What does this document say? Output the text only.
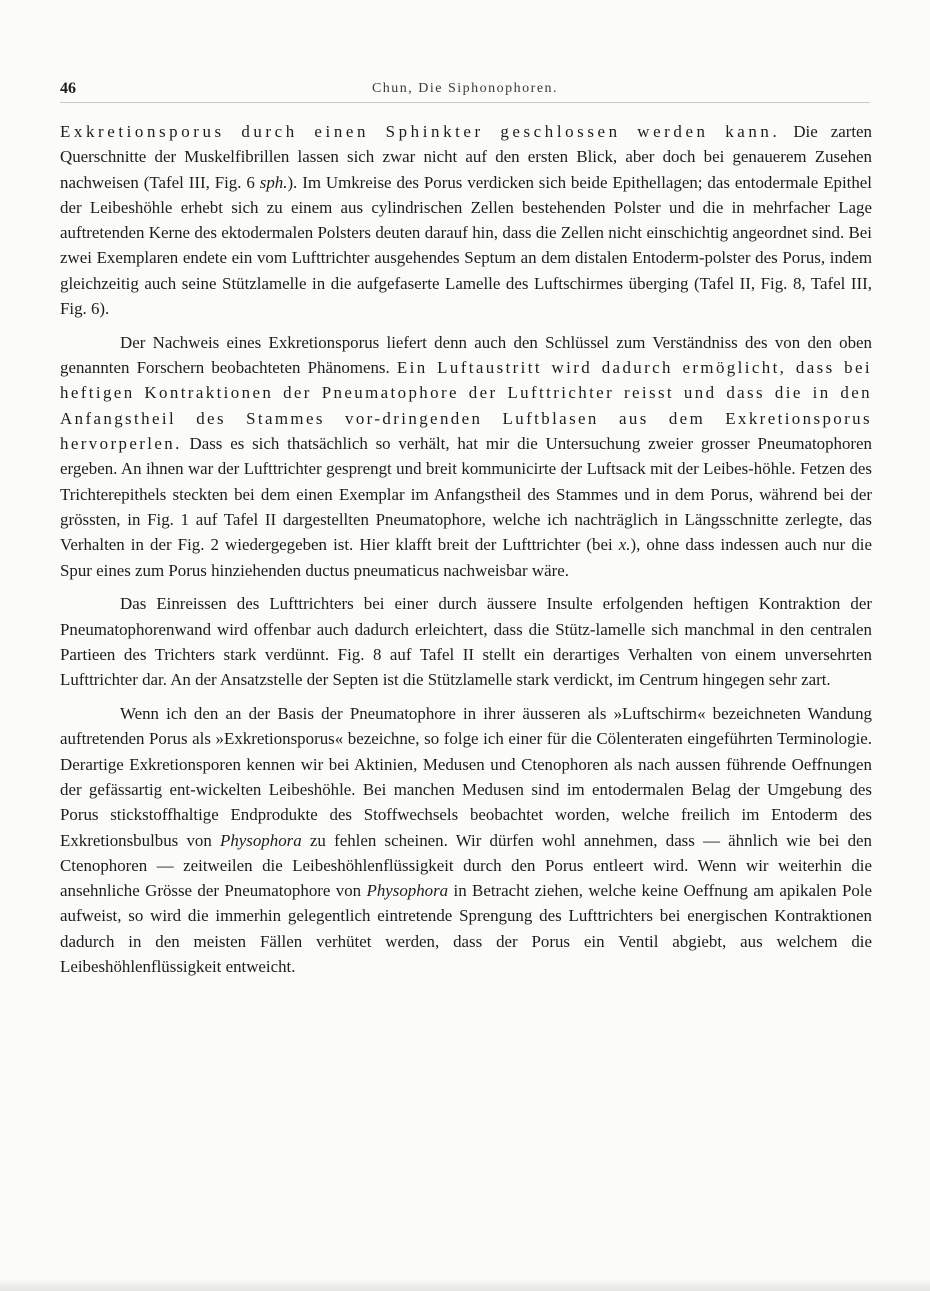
46	Chun, Die Siphonophoren.

Exkretionsporus durch einen Sphinkter geschlossen werden kann. Die zarten Querschnitte der Muskelfibrillen lassen sich zwar nicht auf den ersten Blick, aber doch bei genauerem Zusehen nachweisen (Tafel III, Fig. 6 sph.). Im Umkreise des Porus verdicken sich beide Epithellagen; das entodermale Epithel der Leibeshöhle erhebt sich zu einem aus cylindrischen Zellen bestehenden Polster und die in mehrfacher Lage auftretenden Kerne des ektodermalen Polsters deuten darauf hin, dass die Zellen nicht einschichtig angeordnet sind. Bei zwei Exemplaren endete ein vom Lufttrichter ausgehendes Septum an dem distalen Entoderm-polster des Porus, indem gleichzeitig auch seine Stützlamelle in die aufgefaserte Lamelle des Luftschirmes überging (Tafel II, Fig. 8, Tafel III, Fig. 6).

Der Nachweis eines Exkretionsporus liefert denn auch den Schlüssel zum Verständniss des von den oben genannten Forschern beobachteten Phänomens. Ein Luftaustritt wird dadurch ermöglicht, dass bei heftigen Kontraktionen der Pneumatophore der Lufttrichter reisst und dass die in den Anfangstheil des Stammes vor-dringenden Luftblasen aus dem Exkretionsporus hervorperlen. Dass es sich thatsächlich so verhält, hat mir die Untersuchung zweier grosser Pneumatophoren ergeben. An ihnen war der Lufttrichter gesprengt und breit kommunicirte der Luftsack mit der Leibes-höhle. Fetzen des Trichterepithels steckten bei dem einen Exemplar im Anfangstheil des Stammes und in dem Porus, während bei der grössten, in Fig. 1 auf Tafel II dargestellten Pneumatophore, welche ich nachträglich in Längsschnitte zerlegte, das Verhalten in der Fig. 2 wiedergegeben ist. Hier klafft breit der Lufttrichter (bei x.), ohne dass indessen auch nur die Spur eines zum Porus hinziehenden ductus pneumaticus nachweisbar wäre.

Das Einreissen des Lufttrichters bei einer durch äussere Insulte erfolgenden heftigen Kontraktion der Pneumatophorenwand wird offenbar auch dadurch erleichtert, dass die Stütz-lamelle sich manchmal in den centralen Partieen des Trichters stark verdünnt. Fig. 8 auf Tafel II stellt ein derartiges Verhalten von einem unversehrten Lufttrichter dar. An der Ansatzstelle der Septen ist die Stützlamelle stark verdickt, im Centrum hingegen sehr zart.

Wenn ich den an der Basis der Pneumatophore in ihrer äusseren als »Luftschirm« bezeichneten Wandung auftretenden Porus als »Exkretionsporus« bezeichne, so folge ich einer für die Cölenteraten eingeführten Terminologie. Derartige Exkretionsporen kennen wir bei Aktinien, Medusen und Ctenophoren als nach aussen führende Oeffnungen der gefässartig ent-wickelten Leibeshöhle. Bei manchen Medusen sind im entodermalen Belag der Umgebung des Porus stickstoffhaltige Endprodukte des Stoffwechsels beobachtet worden, welche freilich im Entoderm des Exkretionsbulbus von Physophora zu fehlen scheinen. Wir dürfen wohl annehmen, dass — ähnlich wie bei den Ctenophoren — zeitweilen die Leibeshöhlenflüssigkeit durch den Porus entleert wird. Wenn wir weiterhin die ansehnliche Grösse der Pneumatophore von Physophora in Betracht ziehen, welche keine Oeffnung am apikalen Pole aufweist, so wird die immerhin gelegentlich eintretende Sprengung des Lufttrichters bei energischen Kontraktionen dadurch in den meisten Fällen verhütet werden, dass der Porus ein Ventil abgiebt, aus welchem die Leibeshöhlenflüssigkeit entweicht.
